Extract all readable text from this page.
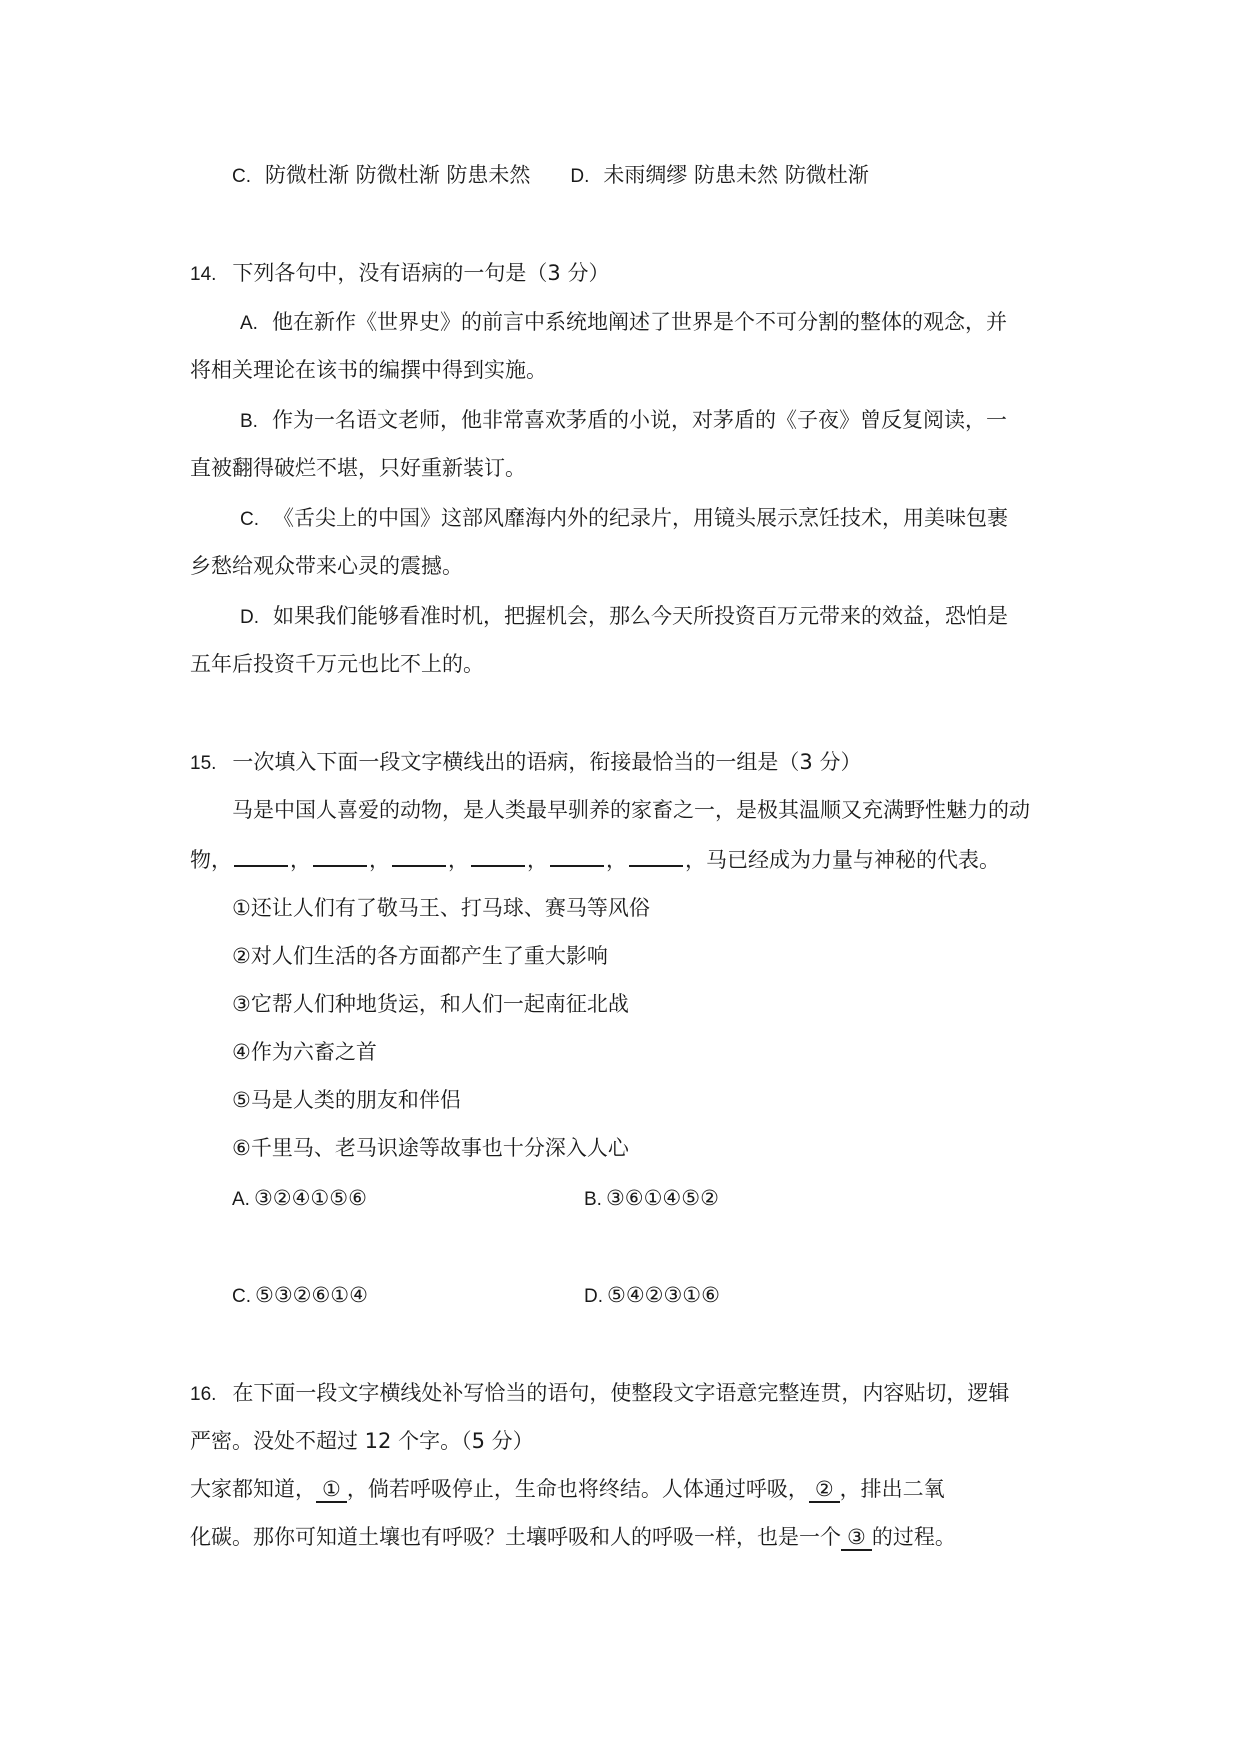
C. 防微杜渐 防微杜渐 防患未然 D. 未雨绸缪 防患未然 防微杜渐
14. 下列各句中，没有语病的一句是（3 分）
A. 他在新作《世界史》的前言中系统地阐述了世界是个不可分割的整体的观念，并
将相关理论在该书的编撰中得到实施。
B. 作为一名语文老师，他非常喜欢茅盾的小说，对茅盾的《子夜》曾反复阅读，一
直被翻得破烂不堪，只好重新装订。
C. 《舌尖上的中国》这部风靡海内外的纪录片，用镜头展示烹饪技术，用美味包裹
乡愁给观众带来心灵的震撼。
D. 如果我们能够看准时机，把握机会，那么今天所投资百万元带来的效益，恐怕是
五年后投资千万元也比不上的。
15. 一次填入下面一段文字横线出的语病，衔接最恰当的一组是（3 分）
马是中国人喜爱的动物，是人类最早驯养的家畜之一，是极其温顺又充满野性魅力的动
物，	，	，	，	，	，	，马已经成为力量与神秘的代表。
①还让人们有了敬马王、打马球、赛马等风俗
②对人们生活的各方面都产生了重大影响
③它帮人们种地货运，和人们一起南征北战
④作为六畜之首
⑤马是人类的朋友和伴侣
⑥千里马、老马识途等故事也十分深入人心
A. ③②④①⑤⑥	B. ③⑥①④⑤②
C. ⑤③②⑥①④	D. ⑤④②③①⑥
16. 在下面一段文字横线处补写恰当的语句，使整段文字语意完整连贯，内容贴切，逻辑
严密。没处不超过 12 个字。（5 分）
大家都知道， ① ，倘若呼吸停止，生命也将终结。人体通过呼吸， ② ，排出二氧
化碳。那你可知道土壤也有呼吸？土壤呼吸和人的呼吸一样，也是一个 ③ 的过程。
